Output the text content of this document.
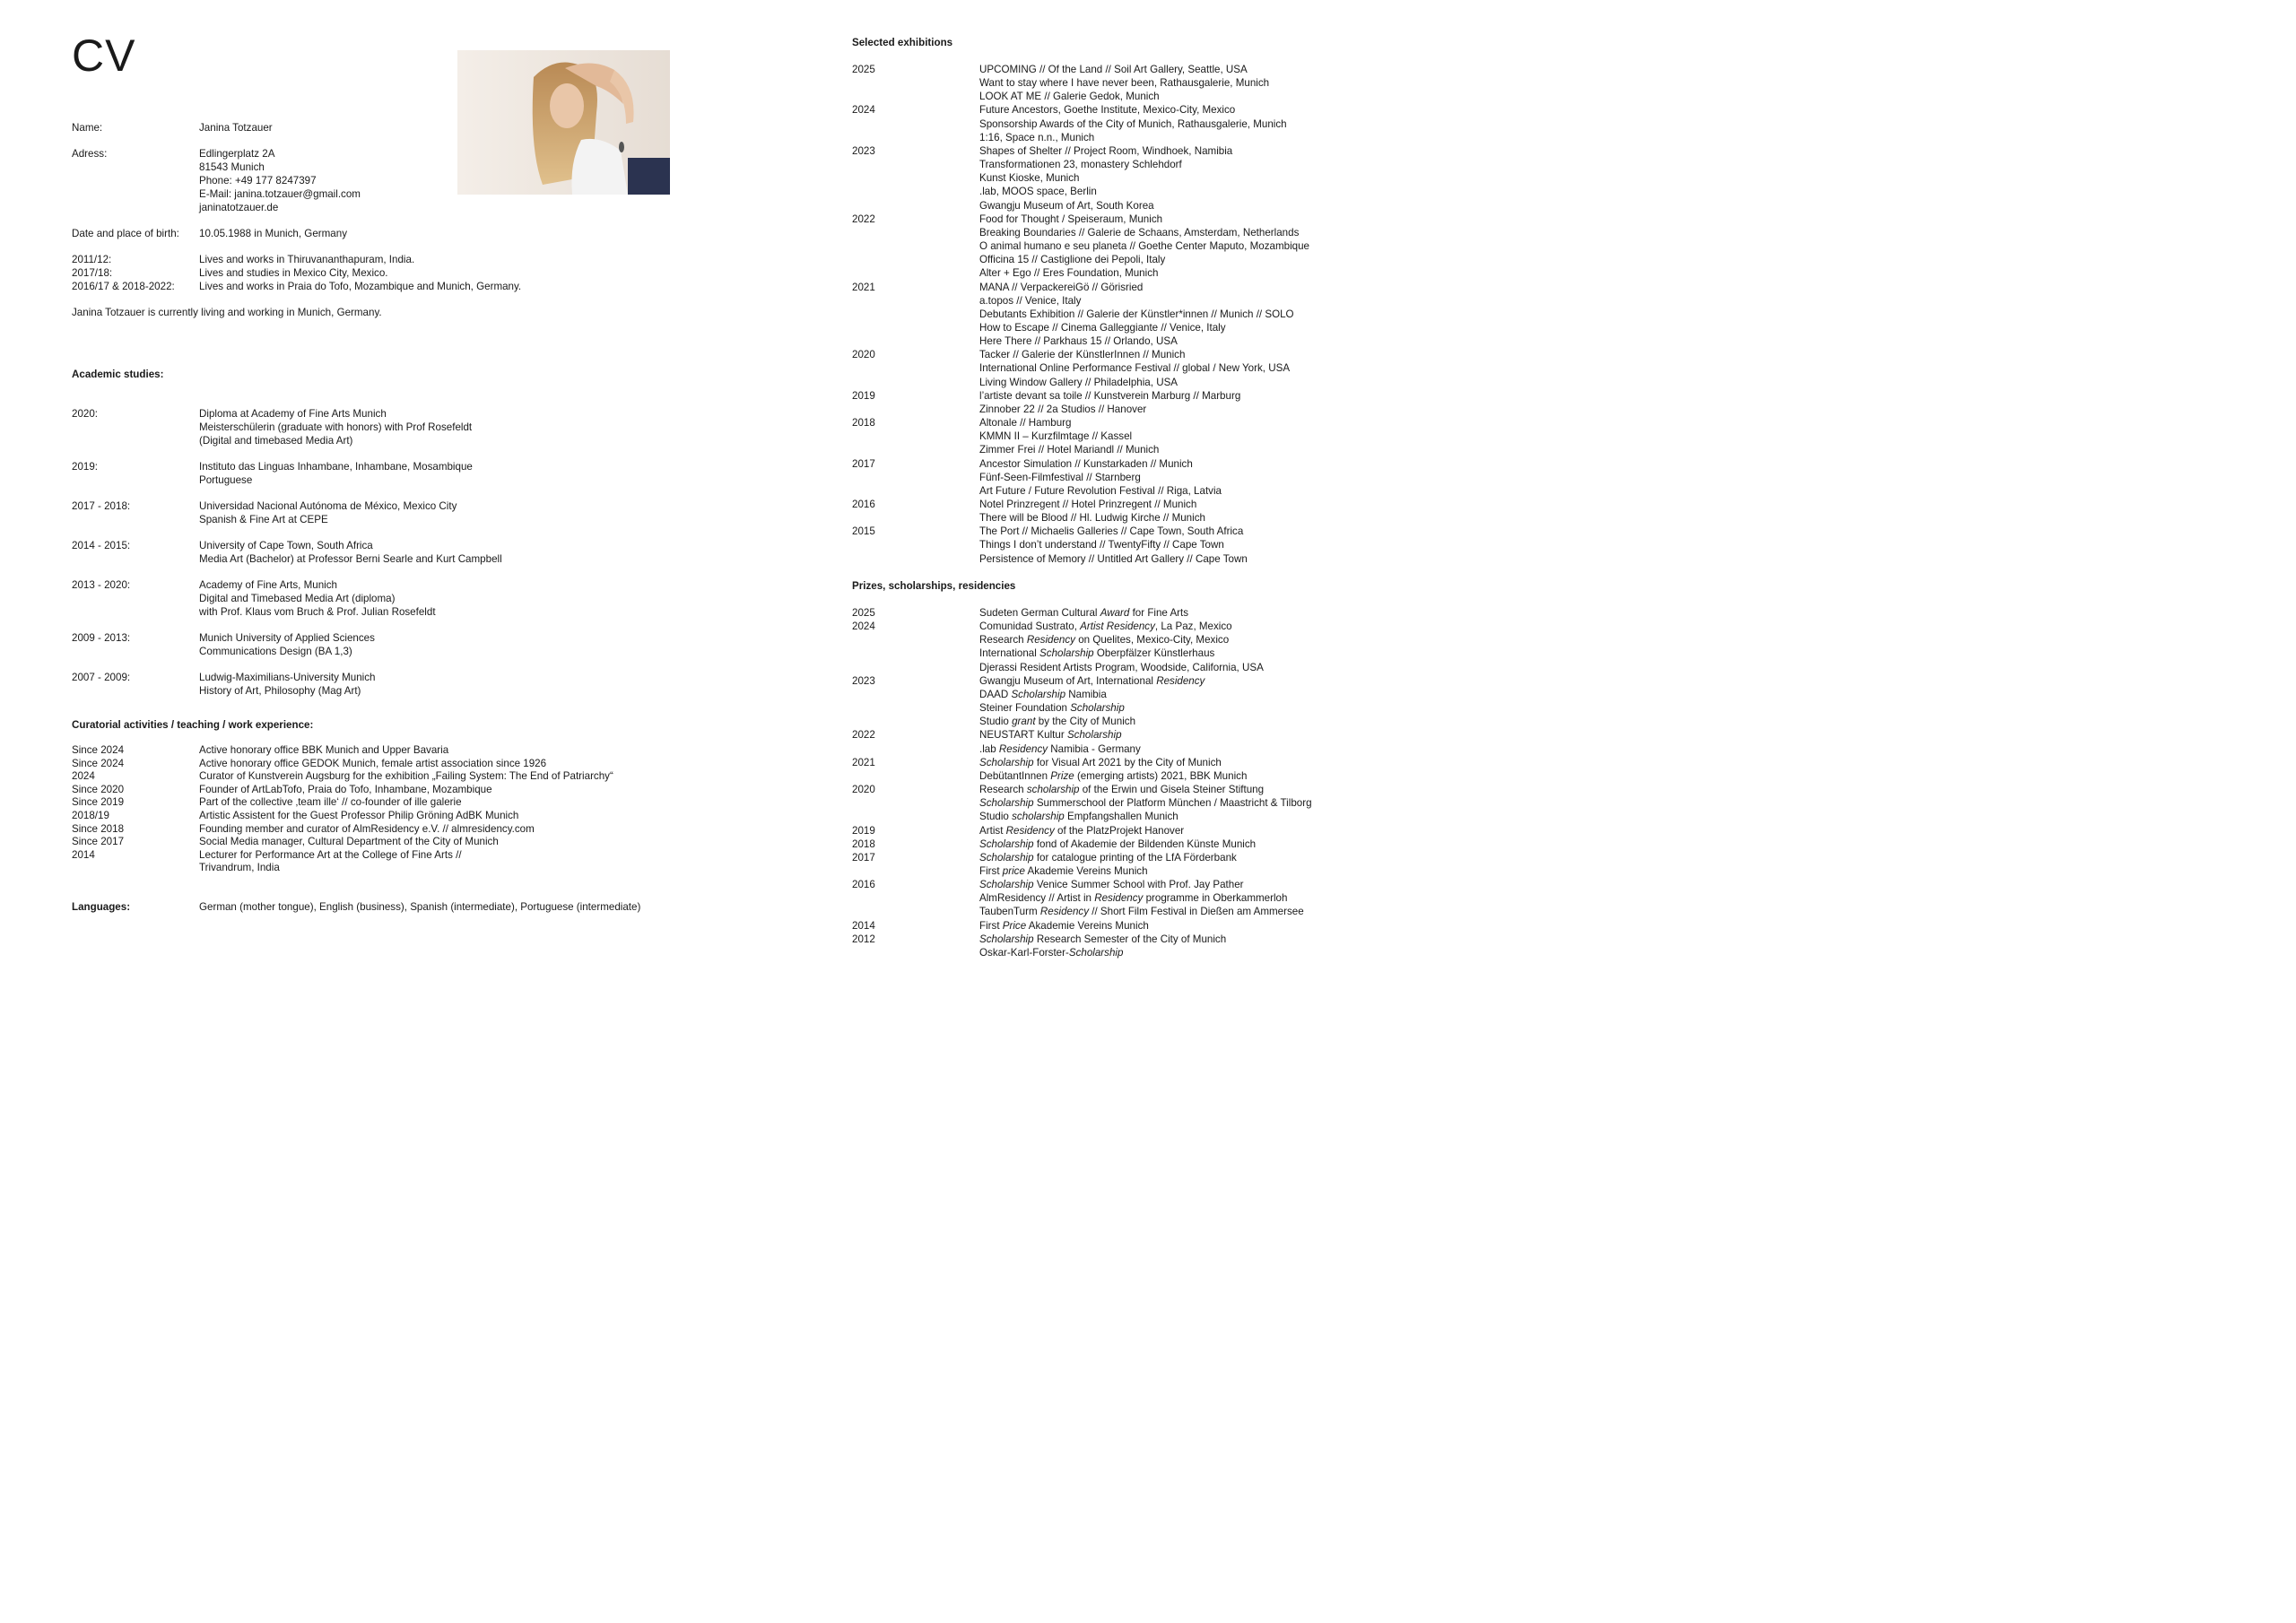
CV
Name:	Janina Totzauer
Adress:	Edlingerplatz 2A
81543 Munich
Phone: +49 177 8247397
E-Mail: janina.totzauer@gmail.com
janinatotzauer.de
Date and place of birth:	10.05.1988 in Munich, Germany
2011/12:	Lives and works in Thiruvananthapuram, India.
2017/18:	Lives and studies in Mexico City, Mexico.
2016/17 & 2018-2022:	Lives and works in Praia do Tofo, Mozambique and Munich, Germany.
Janina Totzauer is currently living and working in Munich, Germany.
Academic studies:
2020:	Diploma at Academy of Fine Arts Munich
Meisterschülerin (graduate with honors) with Prof Rosefeldt
(Digital and timebased Media Art)
2019:	Instituto das Linguas Inhambane, Inhambane, Mosambique
Portuguese
2017 - 2018:	Universidad Nacional Autónoma de México, Mexico City
Spanish & Fine Art at CEPE
2014 - 2015:	University of Cape Town, South Africa
Media Art (Bachelor) at Professor Berni Searle and Kurt Campbell
2013 - 2020:	Academy of Fine Arts, Munich
Digital and Timebased Media Art (diploma)
with Prof. Klaus vom Bruch & Prof. Julian Rosefeldt
2009 - 2013:	Munich University of Applied Sciences
Communications Design (BA 1,3)
2007 - 2009:	Ludwig-Maximilians-University Munich
History of Art, Philosophy (Mag Art)
Curatorial activities / teaching / work experience:
Since 2024	Active honorary office BBK Munich and Upper Bavaria
Since 2024	Active honorary office GEDOK Munich, female artist association since 1926
2024	Curator of Kunstverein Augsburg for the exhibition „Failing System: The End of Patriarchy“
Since 2020	Founder of ArtLabTofo, Praia do Tofo, Inhambane, Mozambique
Since 2019	Part of the collective ‚team ille‘ // co-founder of ille galerie
2018/19	Artistic Assistent for the Guest Professor Philip Gröning AdBK Munich
Since 2018	Founding member and curator of AlmResidency e.V. // almresidency.com
Since 2017	Social Media manager, Cultural Department of the City of Munich
2014	Lecturer for Performance Art at the College of Fine Arts //
Trivandrum, India
Languages:	German (mother tongue), English (business), Spanish (intermediate), Portuguese (intermediate)
Selected exhibitions
2025	UPCOMING // Of the Land // Soil Art Gallery, Seattle, USA
Want to stay where I have never been, Rathausgalerie, Munich
LOOK AT ME // Galerie Gedok, Munich
2024	Future Ancestors, Goethe Institute, Mexico-City, Mexico
Sponsorship Awards of the City of Munich, Rathausgalerie, Munich
1:16, Space n.n., Munich
2023	Shapes of Shelter // Project Room, Windhoek, Namibia
Transformationen 23, monastery Schlehdorf
Kunst Kioske, Munich
.lab, MOOS space, Berlin
Gwangju Museum of Art, South Korea
2022	Food for Thought / Speiseraum, Munich
Breaking Boundaries // Galerie de Schaans, Amsterdam, Netherlands
O animal humano e seu planeta // Goethe Center Maputo, Mozambique
Officina 15 // Castiglione dei Pepoli, Italy
Alter + Ego // Eres Foundation, Munich
2021	MANA // VerpackereiGö // Görisried
a.topos // Venice, Italy
Debutants Exhibition // Galerie der Künstler*innen // Munich // SOLO
How to Escape // Cinema Galleggiante // Venice, Italy
Here There // Parkhaus 15 // Orlando, USA
2020	Tacker // Galerie der KünstlerInnen // Munich
International Online Performance Festival // global / New York, USA
Living Window Gallery // Philadelphia, USA
2019	l’artiste devant sa toile // Kunstverein Marburg // Marburg
Zinnober 22 // 2a Studios // Hanover
2018	Altonale // Hamburg
KMMN II – Kurzfilmtage // Kassel
Zimmer Frei // Hotel Mariandl // Munich
2017	Ancestor Simulation // Kunstarkaden // Munich
Fünf-Seen-Filmfestival // Starnberg
Art Future / Future Revolution Festival // Riga, Latvia
2016	Notel Prinzregent // Hotel Prinzregent // Munich
There will be Blood // Hl. Ludwig Kirche // Munich
2015	The Port // Michaelis Galleries // Cape Town, South Africa
Things I don’t understand // TwentyFifty // Cape Town
Persistence of Memory // Untitled Art Gallery // Cape Town
Prizes, scholarships, residencies
2025	Sudeten German Cultural Award for Fine Arts
2024	Comunidad Sustrato, Artist Residency, La Paz, Mexico
Research Residency on Quelites, Mexico-City, Mexico
International Scholarship Oberpfälzer Künstlerhaus
Djerassi Resident Artists Program, Woodside, California, USA
2023	Gwangju Museum of Art, International Residency
DAAD Scholarship Namibia
Steiner Foundation Scholarship
Studio grant by the City of Munich
2022	NEUSTART Kultur Scholarship
.lab Residency Namibia - Germany
2021	Scholarship for Visual Art 2021 by the City of Munich
DebütantInnen Prize (emerging artists) 2021, BBK Munich
2020	Research scholarship of the Erwin und Gisela Steiner Stiftung
Scholarship Summerschool der Platform München / Maastricht & Tilborg
Studio scholarship Empfangshallen Munich
2019	Artist Residency of the PlatzProjekt Hanover
2018	Scholarship fond of Akademie der Bildenden Künste Munich
2017	Scholarship for catalogue printing of the LfA Förderbank
First price Akademie Vereins Munich
2016	Scholarship Venice Summer School with Prof. Jay Pather
AlmResidency // Artist in Residency programme in Oberkammerloh
TaubenTurm Residency // Short Film Festival in Dießen am Ammersee
2014	First Price Akademie Vereins Munich
2012	Scholarship Research Semester of the City of Munich
Oskar-Karl-Forster-Scholarship
